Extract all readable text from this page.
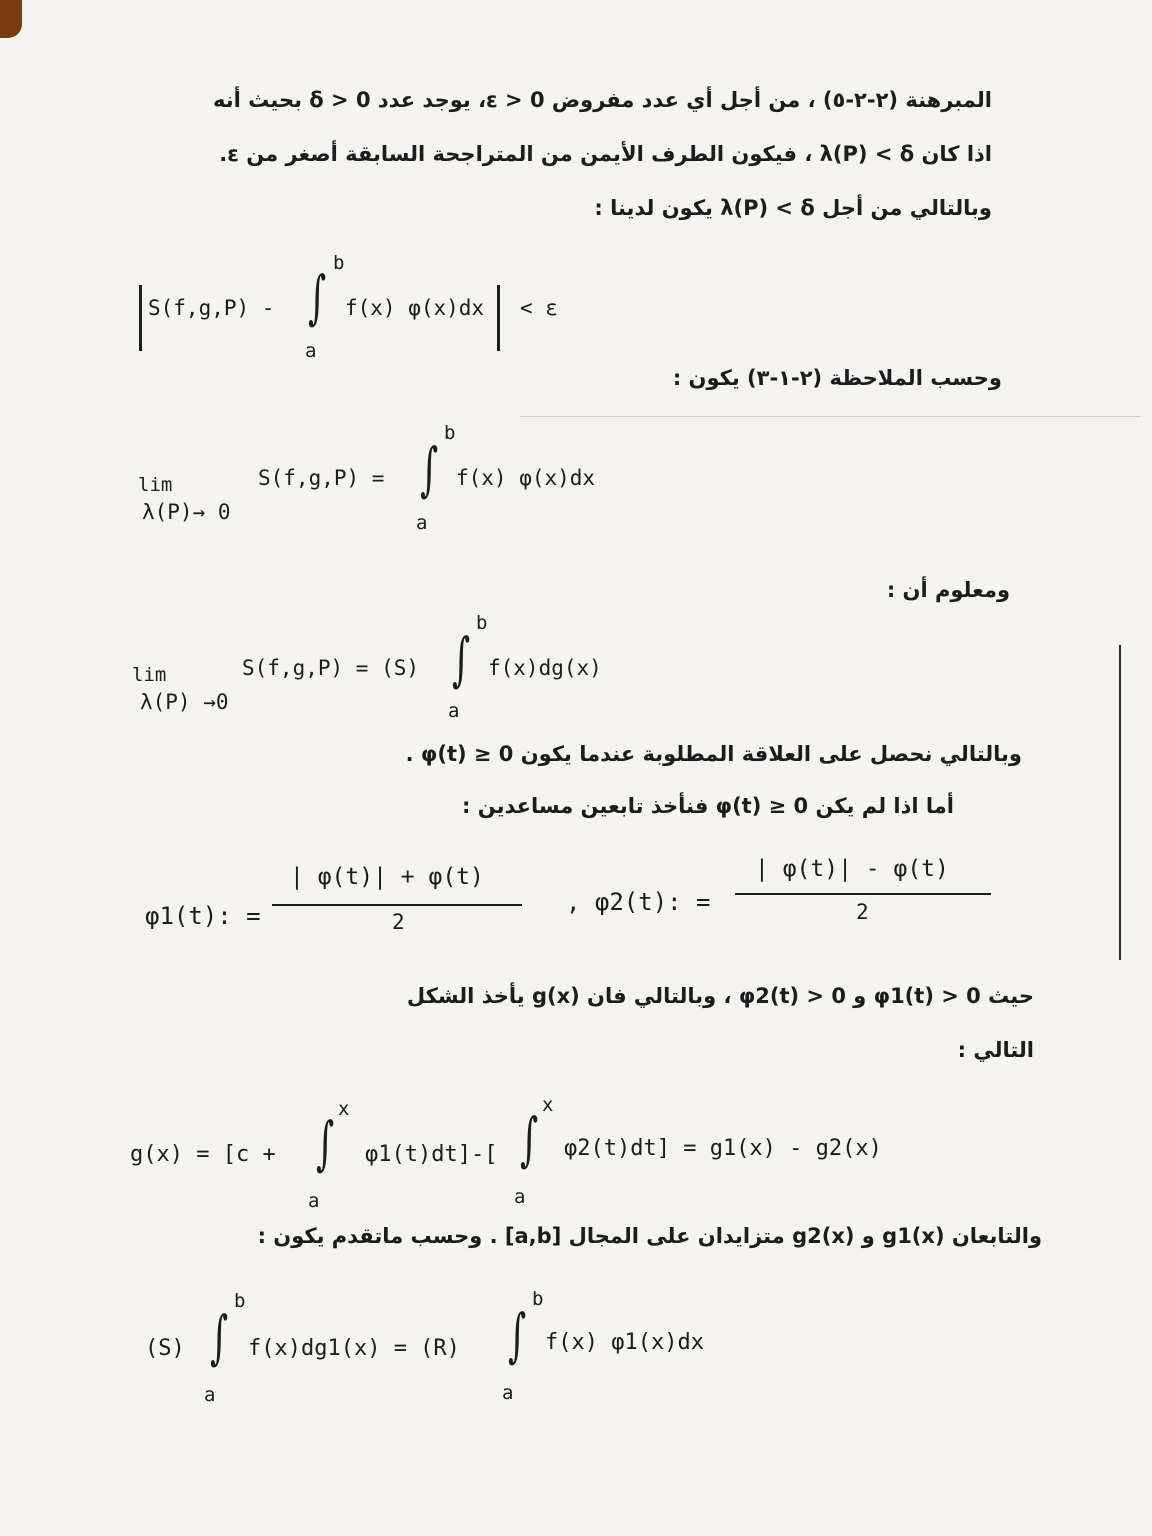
المبرهنة (٢-٢-٥) ، من أجل أي عدد مفروض ε > 0، يوجد عدد δ > 0 بحيث أنه
اذا كان λ(P) < δ ، فيكون الطرف الأيمن من المتراجحة السابقة أصغر من ε.
وبالتالي من أجل λ(P) < δ يكون لدينا :
S(f,g,P) -
b
∫
a
f(x) φ(x)dx < ε
وحسب الملاحظة (٢-١-٣) يكون :
lim
λ(P)→ 0
S(f,g,P) =
b
∫
a
f(x) φ(x)dx
ومعلوم أن :
lim
λ(P) →0
S(f,g,P) = (S)
b
∫
a
f(x)dg(x)
وبالتالي نحصل على العلاقة المطلوبة عندما يكون φ(t) ≥ 0 .
أما اذا لم يكن φ(t) ≥ 0 فنأخذ تابعين مساعدين :
φ1(t): =
| φ(t)| + φ(t)
2
, φ2(t): =
| φ(t)| - φ(t)
2
حيث φ1(t) > 0 و φ2(t) > 0 ، وبالتالي فان g(x) يأخذ الشكل
التالي :
g(x) = [c +
x
∫
a
φ1(t)dt]-[
x
∫
a
φ2(t)dt] = g1(x) - g2(x)
والتابعان g1(x) و g2(x) متزايدان على المجال [a,b] . وحسب ماتقدم يكون :
(S)
b
∫
a
f(x)dg1(x) = (R)
b
∫
a
f(x) φ1(x)dx
